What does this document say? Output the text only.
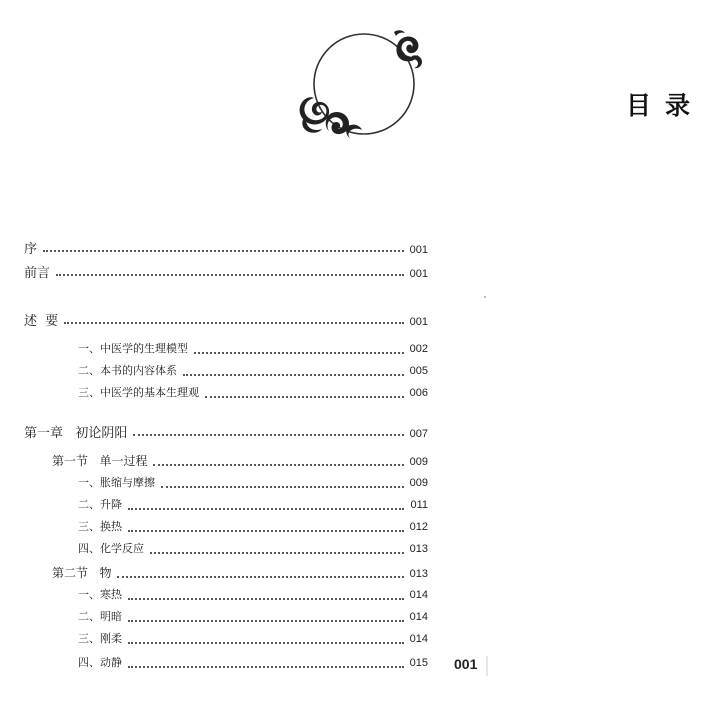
目录
序	001
前言	001
述  要	001
一、中医学的生理模型	002
二、本书的内容体系	005
三、中医学的基本生理观	006
第一章   初论阴阳	007
第一节   单一过程	009
一、胀缩与摩擦	009
二、升降	011
三、换热	012
四、化学反应	013
第二节   物	013
一、寒热	014
二、明暗	014
三、刚柔	014
四、动静	015 001
